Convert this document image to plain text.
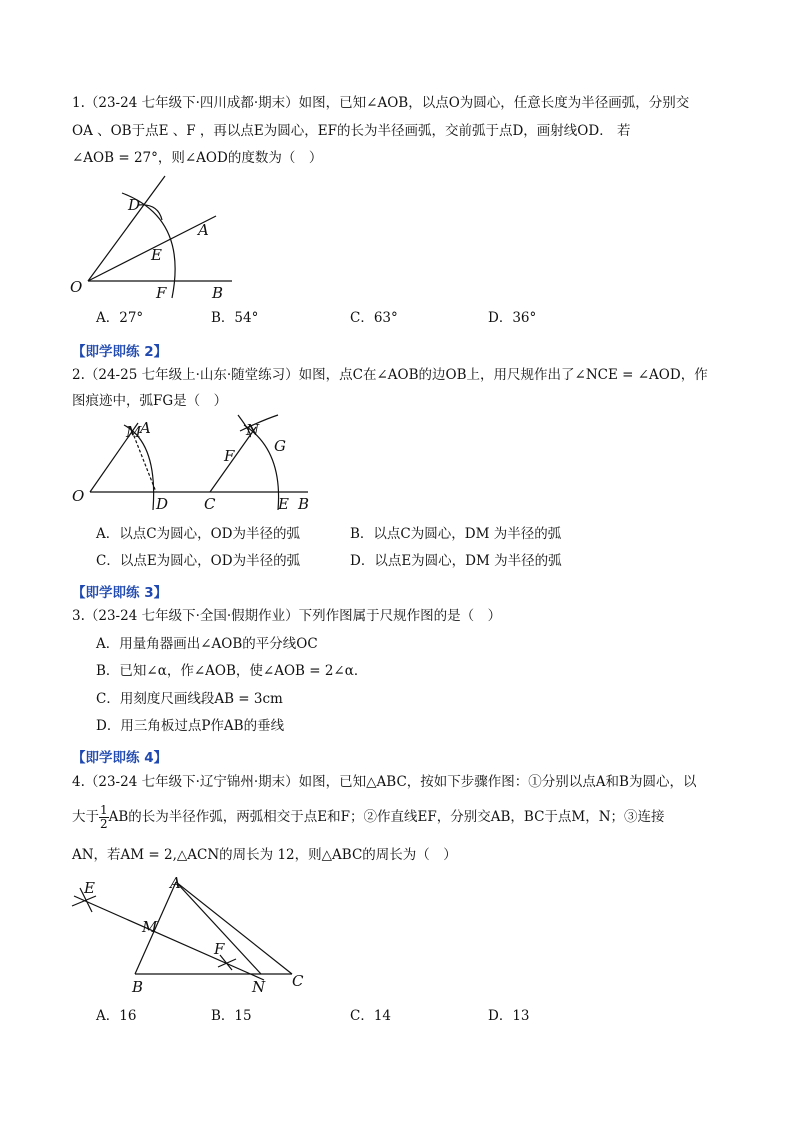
1.（23-24 七年级下·四川成都·期末）如图，已知∠AOB，以点O为圆心，任意长度为半径画弧，分别交
OA 、OB于点E 、F ，再以点E为圆心，EF的长为半径画弧，交前弧于点D，画射线OD． 若
∠AOB = 27°，则∠AOD的度数为（　）
D
A
E
O	F	B
A．27°	B．54°	C．63°	D．36°
【即学即练 2】
2.（24-25 七年级上·山东·随堂练习）如图，点C在∠AOB的边OB上，用尺规作出了∠NCE = ∠AOD，作
图痕迹中，弧FG是（　）
M
A
O	D
N
G
F
C	E B
A．以点C为圆心，OD为半径的弧	B．以点C为圆心，DM 为半径的弧
C．以点E为圆心，OD为半径的弧	D．以点E为圆心，DM 为半径的弧
【即学即练 3】
3.（23-24 七年级下·全国·假期作业）下列作图属于尺规作图的是（　）
A．用量角器画出∠AOB的平分线OC
B．已知∠α，作∠AOB，使∠AOB = 2∠α．
C．用刻度尺画线段AB = 3cm
D．用三角板过点P作AB的垂线
【即学即练 4】
4.（23-24 七年级下·辽宁锦州·期末）如图，已知△ABC，按如下步骤作图：①分别以点A和B为圆心，以
大于 $\frac{1}{2}$ AB的长为半径作弧，两弧相交于点E和F；②作直线EF，分别交AB，BC于点M，N；③连接
AN，若AM = 2,△ACN的周长为 12，则△ABC的周长为（　）
E	A
M
F
B	N C
A．16	B．15	C．14	D．13
